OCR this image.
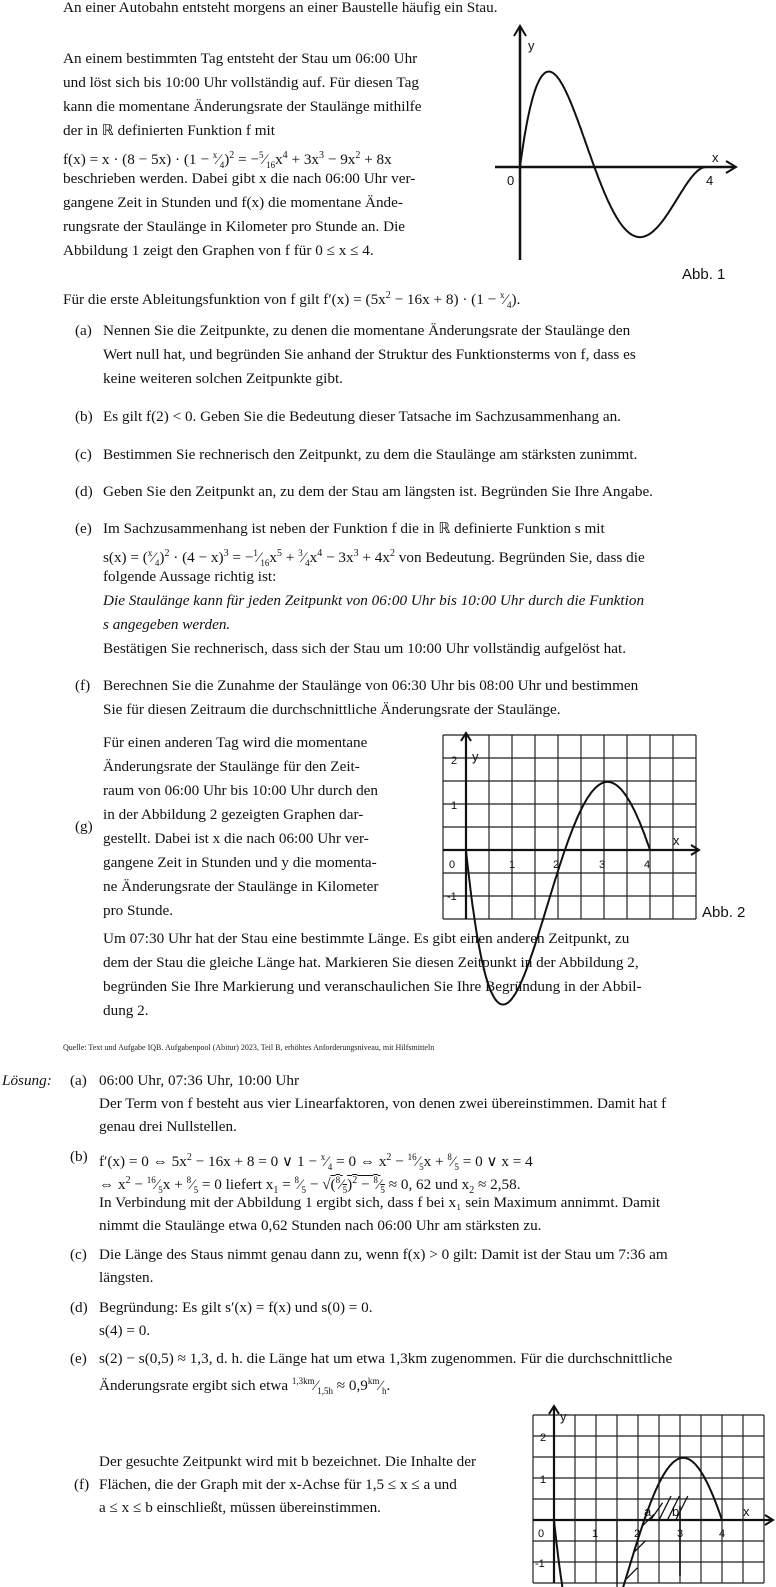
An einer Autobahn entsteht morgens an einer Baustelle häufig ein Stau.
An einem bestimmten Tag entsteht der Stau um 06:00 Uhr
und löst sich bis 10:00 Uhr vollständig auf. Für diesen Tag
kann die momentane Änderungsrate der Staulänge mithilfe
der in ℝ definierten Funktion f mit
$f(x) = x \cdot (8 - 5x) \cdot (1 - ^x⁄_4)^2$ = $-^5⁄_{16}x^4 + 3x^3 - 9x^2 + 8x$
beschrieben werden. Dabei gibt x die nach 06:00 Uhr ver-
gangene Zeit in Stunden und f(x) die momentane Ände-
rungsrate der Staulänge in Kilometer pro Stunde an. Die
Abbildung 1 zeigt den Graphen von f für 0 ≤ x ≤ 4.
y
x
0	4
Abb. 1
Für die erste Ableitungsfunktion von f gilt $f'(x) = (5x^2 - 16x + 8) \cdot (1$ − $^x⁄_4$).
(a) Nennen Sie die Zeitpunkte, zu denen die momentane Änderungsrate der Staulänge den
Wert null hat, und begründen Sie anhand der Struktur des Funktionsterms von f, dass es
keine weiteren solchen Zeitpunkte gibt.
(b) Es gilt f(2) < 0. Geben Sie die Bedeutung dieser Tatsache im Sachzusammenhang an.
(c) Bestimmen Sie rechnerisch den Zeitpunkt, zu dem die Staulänge am stärksten zunimmt.
(d) Geben Sie den Zeitpunkt an, zu dem der Stau am längsten ist. Begründen Sie Ihre Angabe.
(e) Im Sachzusammenhang ist neben der Funktion f die in ℝ definierte Funktion s mit
$s(x) = (^x⁄_4)^2 \cdot (4 - x)^3$ = $-^1⁄_{16}x^5$ + $^3⁄_4x^4 - 3x^3 + 4x^2$ von Bedeutung. Begründen Sie, dass die
folgende Aussage richtig ist:
Die Staulänge kann für jeden Zeitpunkt von 06:00 Uhr bis 10:00 Uhr durch die Funktion
s angegeben werden.
Bestätigen Sie rechnerisch, dass sich der Stau um 10:00 Uhr vollständig aufgelöst hat.
(f) Berechnen Sie die Zunahme der Staulänge von 06:30 Uhr bis 08:00 Uhr und bestimmen
Sie für diesen Zeitraum die durchschnittliche Änderungsrate der Staulänge.
(g)
Für einen anderen Tag wird die momentane
Änderungsrate der Staulänge für den Zeit-
raum von 06:00 Uhr bis 10:00 Uhr durch den
in der Abbildung 2 gezeigten Graphen dar-
gestellt. Dabei ist x die nach 06:00 Uhr ver-
gangene Zeit in Stunden und y die momenta-
ne Änderungsrate der Staulänge in Kilometer
pro Stunde.
Um 07:30 Uhr hat der Stau eine bestimmte Länge. Es gibt einen anderen Zeitpunkt, zu
dem der Stau die gleiche Länge hat. Markieren Sie diesen Zeitpunkt in der Abbildung 2,
begründen Sie Ihre Markierung und veranschaulichen Sie Ihre Begründung in der Abbil-
dung 2.
y
x
0	1	2	3	4
2
1
-1
Abb. 2
Quelle: Text und Aufgabe IQB. Aufgabenpool (Abitur) 2023, Teil B, erhöhtes Anforderungsniveau, mit Hilfsmitteln
Lösung: (a) 06:00 Uhr, 07:36 Uhr, 10:00 Uhr
Der Term von f besteht aus vier Linearfaktoren, von denen zwei übereinstimmen. Damit hat f
genau drei Nullstellen.
(b) f′(x) = 0 ⇔ $5x^2 - 16x + 8 = 0$ ∨ $1 - ^x⁄_4 = 0$ ⇔ $x^2$ − $^{16}⁄_5x$ + $^8⁄_5 = 0$ ∨ x = 4
⇔ $x^2$ − $^{16}⁄_5x$ + $^8⁄_5 = 0$ liefert $x_1$ = $^8⁄_5$ − $√(^8⁄_5)^2$ − $^8⁄_5 \approx 0$, 62 und $x_2 \approx 2,58$.
In Verbindung mit der Abbildung 1 ergibt sich, dass f bei x₁ sein Maximum annimmt. Damit
nimmt die Staulänge etwa 0,62 Stunden nach 06:00 Uhr am stärksten zu.
(c) Die Länge des Staus nimmt genau dann zu, wenn f(x) > 0 gilt: Damit ist der Stau um 7:36 am
längsten.
(d) Begründung: Es gilt s′(x) = f(x) und s(0) = 0.
s(4) = 0.
(e) s(2) − s(0,5) ≈ 1,3, d. h. die Länge hat um etwa 1,3km zugenommen. Für die durchschnittliche
Änderungsrate ergibt sich etwa $^{1,3km}⁄_{1,5h}$ ≈ $0,9^{km}⁄_h$.
(f)
Der gesuchte Zeitpunkt wird mit b bezeichnet. Die Inhalte der
Flächen, die der Graph mit der x-Achse für 1,5 ≤ x ≤ a und
a ≤ x ≤ b einschließt, müssen übereinstimmen.
y
x
a b
0	1	2	3	4
2
1
-1
